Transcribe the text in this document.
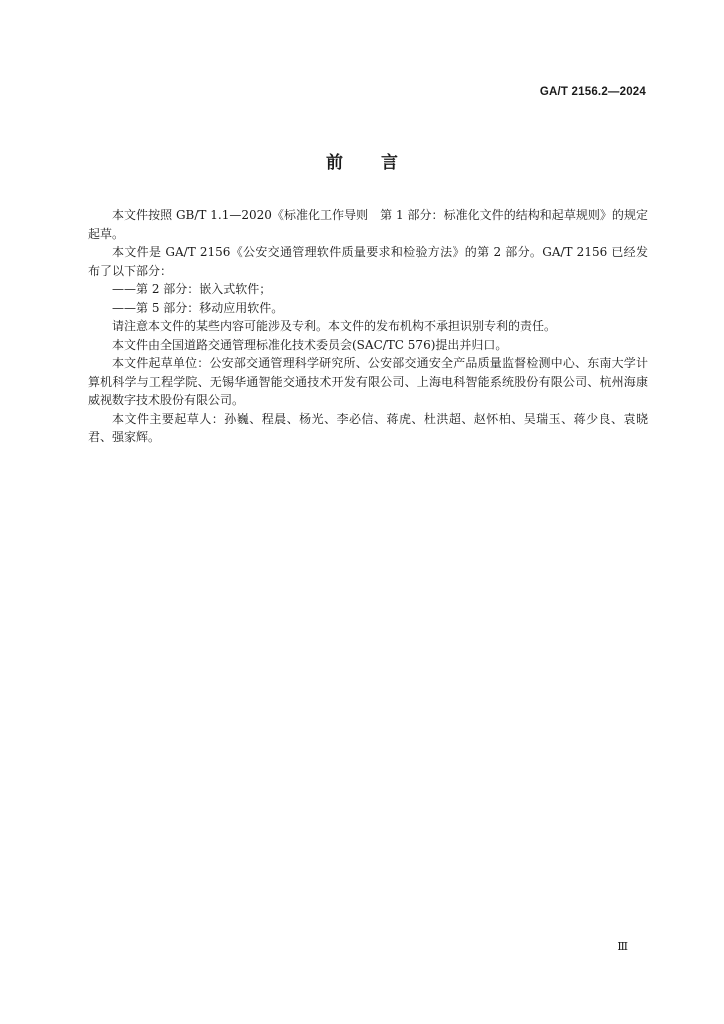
GA/T 2156.2—2024
前言

本文件按照 GB/T 1.1—2020《标准化工作导则　第 1 部分：标准化文件的结构和起草规则》的规定起草。

本文件是 GA/T 2156《公安交通管理软件质量要求和检验方法》的第 2 部分。GA/T 2156 已经发布了以下部分：

——第 2 部分：嵌入式软件；

——第 5 部分：移动应用软件。

请注意本文件的某些内容可能涉及专利。本文件的发布机构不承担识别专利的责任。

本文件由全国道路交通管理标准化技术委员会(SAC/TC 576)提出并归口。

本文件起草单位：公安部交通管理科学研究所、公安部交通安全产品质量监督检测中心、东南大学计算机科学与工程学院、无锡华通智能交通技术开发有限公司、上海电科智能系统股份有限公司、杭州海康威视数字技术股份有限公司。

本文件主要起草人：孙巍、程晨、杨光、李必信、蒋虎、杜洪超、赵怀柏、吴瑞玉、蒋少良、袁晓君、强家辉。

Ⅲ
